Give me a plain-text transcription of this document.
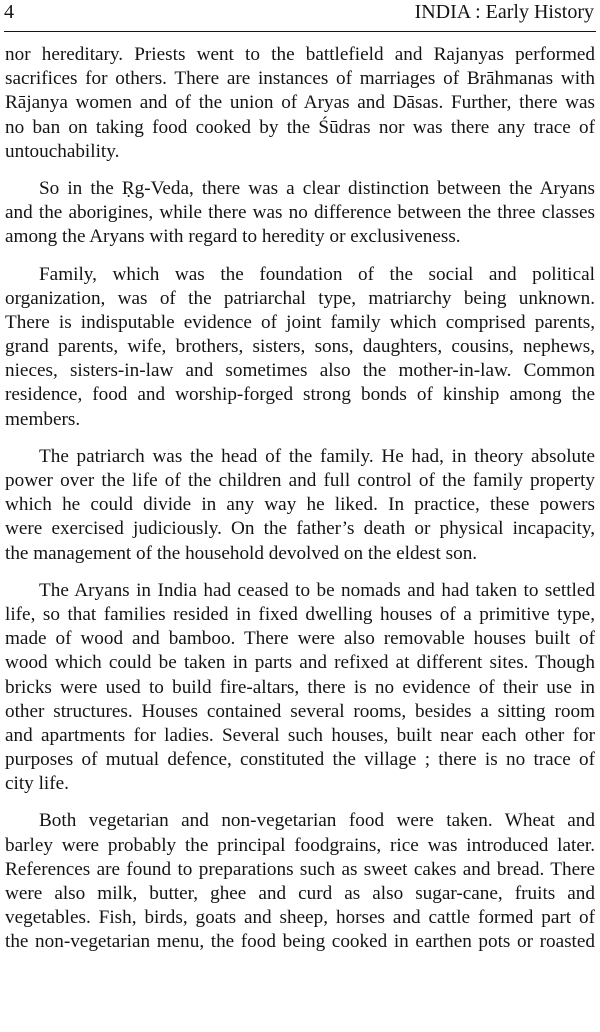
4	INDIA : Early History

nor hereditary. Priests went to the battlefield and Rajanyas performed
sacrifices for others. There are instances of marriages of Brāhmanas with
Rājanya women and of the union of Aryas and Dāsas. Further, there was
no ban on taking food cooked by the Śūdras nor was there any trace of
untouchability.

So in the Ṛg-Veda, there was a clear distinction between the Aryans
and the aborigines, while there was no difference between the three classes
among the Aryans with regard to heredity or exclusiveness.

Family, which was the foundation of the social and political
organization, was of the patriarchal type, matriarchy being unknown.
There is indisputable evidence of joint family which comprised parents,
grand parents, wife, brothers, sisters, sons, daughters, cousins, nephews,
nieces, sisters-in-law and sometimes also the mother-in-law. Common
residence, food and worship-forged strong bonds of kinship among the
members.

The patriarch was the head of the family. He had, in theory absolute
power over the life of the children and full control of the family property
which he could divide in any way he liked. In practice, these powers
were exercised judiciously. On the father’s death or physical incapacity,
the management of the household devolved on the eldest son.

The Aryans in India had ceased to be nomads and had taken to settled
life, so that families resided in fixed dwelling houses of a primitive type,
made of wood and bamboo. There were also removable houses built of
wood which could be taken in parts and refixed at different sites. Though
bricks were used to build fire-altars, there is no evidence of their use in
other structures. Houses contained several rooms, besides a sitting room
and apartments for ladies. Several such houses, built near each other for
purposes of mutual defence, constituted the village ; there is no trace of
city life.

Both vegetarian and non-vegetarian food were taken. Wheat and
barley were probably the principal foodgrains, rice was introduced later.
References are found to preparations such as sweet cakes and bread. There
were also milk, butter, ghee and curd as also sugar-cane, fruits and
vegetables. Fish, birds, goats and sheep, horses and cattle formed part of
the non-vegetarian menu, the food being cooked in earthen pots or roasted
